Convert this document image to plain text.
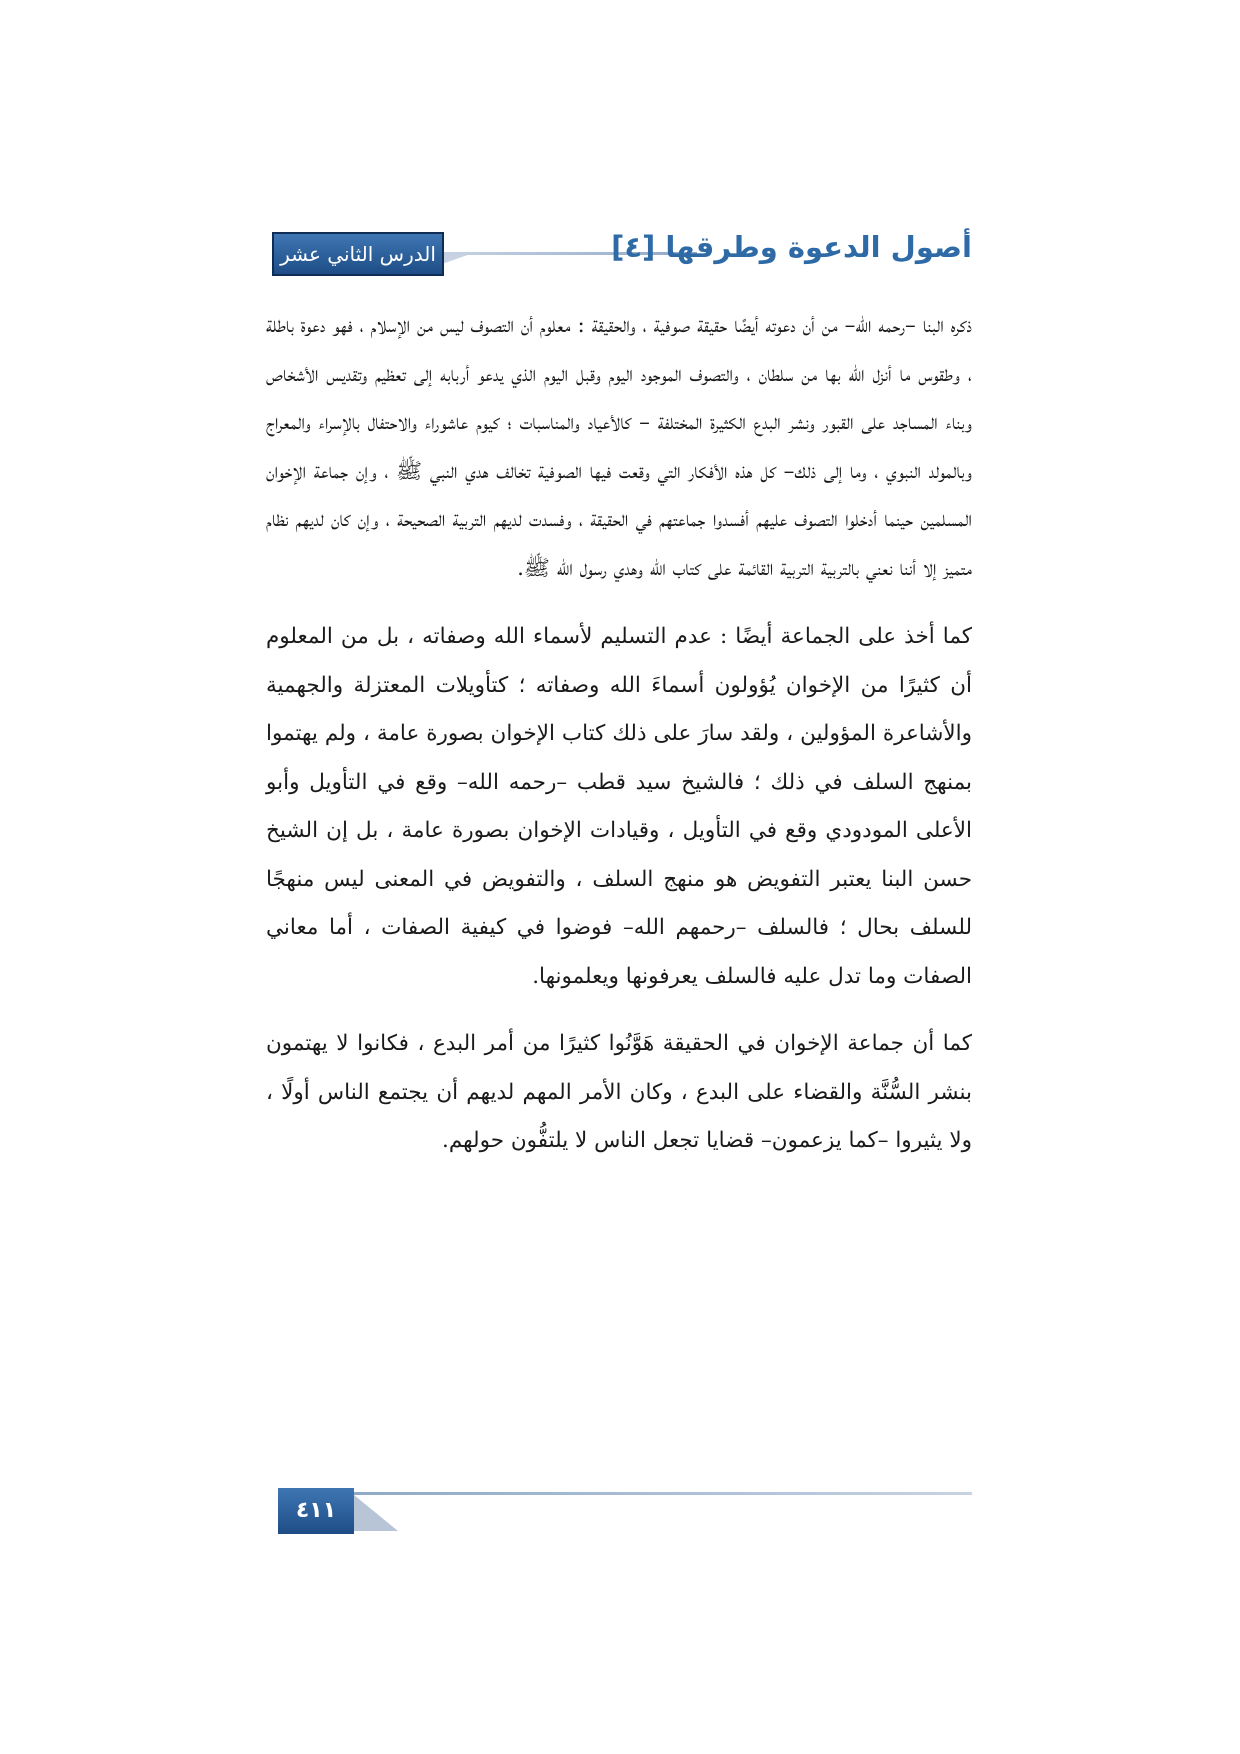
الدرس الثاني عشر	أصول الدعوة وطرقها [٤]

ذكره البنا –رحمه الله– من أن دعوته أيضًا حقيقة صوفية ، والحقيقة : معلوم أن التصوف ليس من الإسلام ، فهو دعوة باطلة ، وطقوس ما أنزل الله بها من سلطان ، والتصوف الموجود اليوم وقبل اليوم الذي يدعو أربابه إلى تعظيم وتقديس الأشخاص وبناء المساجد على القبور ونشر البدع الكثيرة المختلفة – كالأعياد والمناسبات ؛ كيوم عاشوراء والاحتفال بالإسراء والمعراج وبالمولد النبوي ، وما إلى ذلك– كل هذه الأفكار التي وقعت فيها الصوفية تخالف هدي النبي ﷺ ، وإن جماعة الإخوان المسلمين حينما أدخلوا التصوف عليهم أفسدوا جماعتهم في الحقيقة ، وفسدت لديهم التربية الصحيحة ، وإن كان لديهم نظام متميز إلا أننا نعني بالتربية التربية القائمة على كتاب الله وهدي رسول الله ﷺ.

كما أخذ على الجماعة أيضًا : عدم التسليم لأسماء الله وصفاته ، بل من المعلوم أن كثيرًا من الإخوان يُؤولون أسماءَ الله وصفاته ؛ كتأويلات المعتزلة والجهمية والأشاعرة المؤولين ، ولقد سارَ على ذلك كتاب الإخوان بصورة عامة ، ولم يهتموا بمنهج السلف في ذلك ؛ فالشيخ سيد قطب –رحمه الله– وقع في التأويل وأبو الأعلى المودودي وقع في التأويل ، وقيادات الإخوان بصورة عامة ، بل إن الشيخ حسن البنا يعتبر التفويض هو منهج السلف ، والتفويض في المعنى ليس منهجًا للسلف بحال ؛ فالسلف –رحمهم الله– فوضوا في كيفية الصفات ، أما معاني الصفات وما تدل عليه فالسلف يعرفونها ويعلمونها.

كما أن جماعة الإخوان في الحقيقة هَوَّنُوا كثيرًا من أمر البدع ، فكانوا لا يهتمون بنشر السُّنَّة والقضاء على البدع ، وكان الأمر المهم لديهم أن يجتمع الناس أولًا ، ولا يثيروا –كما يزعمون– قضايا تجعل الناس لا يلتفُّون حولهم.

٤١١
